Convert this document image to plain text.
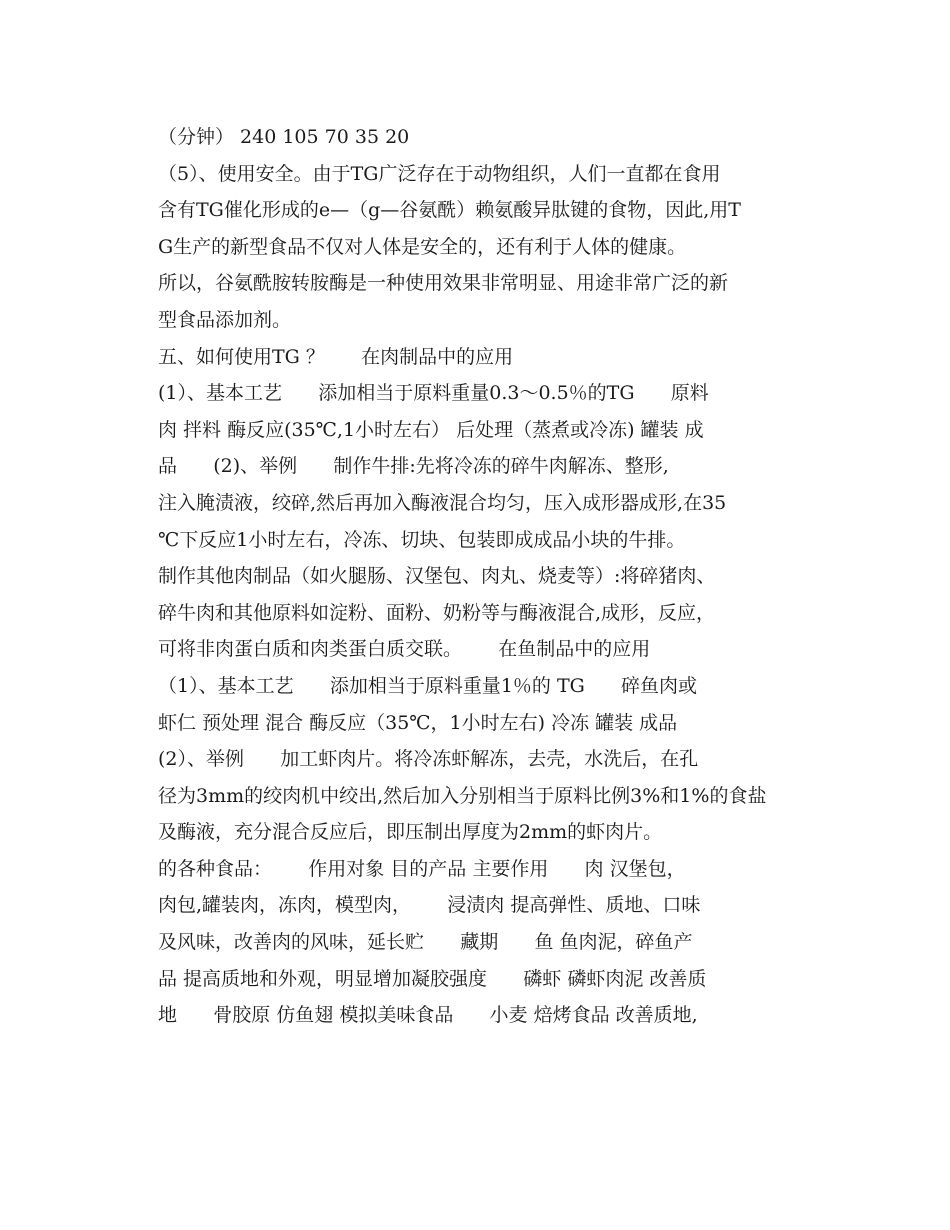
（分钟） 240 105 70 35 20
（5）、使用安全。由于TG广泛存在于动物组织，人们一直都在食用
含有TG催化形成的e—（g—谷氨酰）赖氨酸异肽键的食物，因此,用T
G生产的新型食品不仅对人体是安全的，还有利于人体的健康。
所以，谷氨酰胺转胺酶是一种使用效果非常明显、用途非常广泛的新
型食品添加剂。
五、如何使用TG ？      在肉制品中的应用
(1）、基本工艺      添加相当于原料重量0.3～0.5％的TG      原料
肉 拌料 酶反应(35℃,1小时左右） 后处理（蒸煮或冷冻) 罐装 成
品      (2)、举例      制作牛排:先将冷冻的碎牛肉解冻、整形,
注入腌渍液，绞碎,然后再加入酶液混合均匀，压入成形器成形,在35
℃下反应1小时左右，冷冻、切块、包装即成成品小块的牛排。
制作其他肉制品（如火腿肠、汉堡包、肉丸、烧麦等）:将碎猪肉、
碎牛肉和其他原料如淀粉、面粉、奶粉等与酶液混合,成形，反应，
可将非肉蛋白质和肉类蛋白质交联。      在鱼制品中的应用
（1）、基本工艺      添加相当于原料重量1％的 TG      碎鱼肉或
虾仁 预处理 混合 酶反应（35℃，1小时左右) 冷冻 罐装 成品
(2）、举例      加工虾肉片。将冷冻虾解冻，去壳，水洗后，在孔
径为3mm的绞肉机中绞出,然后加入分别相当于原料比例3%和1%的食盐
及酶液，充分混合反应后，即压制出厚度为2mm的虾肉片。
的各种食品：      作用对象 目的产品 主要作用      肉 汉堡包，
肉包,罐装肉，冻肉，模型肉，      浸渍肉 提高弹性、质地、口味
及风味，改善肉的风味，延长贮      藏期      鱼 鱼肉泥，碎鱼产
品 提高质地和外观，明显增加凝胶强度      磷虾 磷虾肉泥 改善质
地      骨胶原 仿鱼翅 模拟美味食品      小麦 焙烤食品 改善质地,
